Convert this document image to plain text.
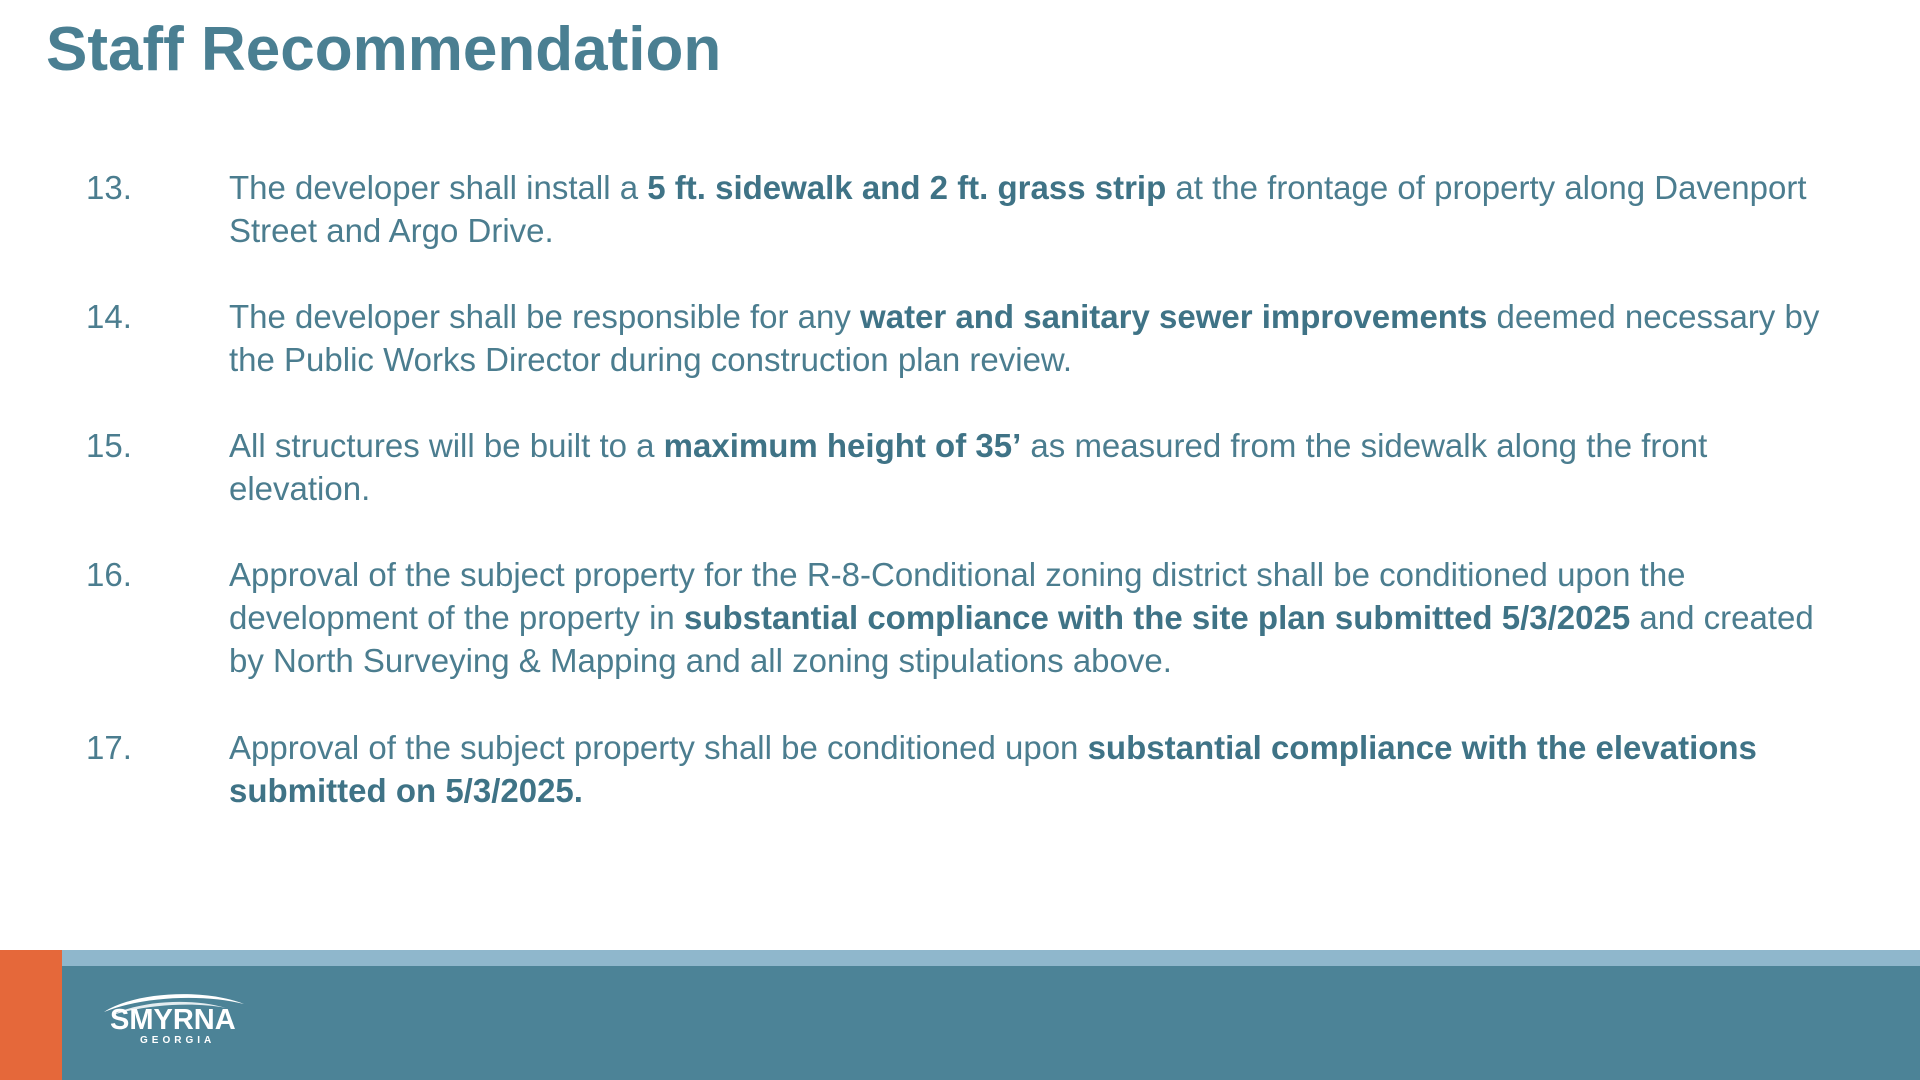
Staff Recommendation
13.	The developer shall install a 5 ft. sidewalk and 2 ft. grass strip at the frontage of property along Davenport Street and Argo Drive.
14.	The developer shall be responsible for any water and sanitary sewer improvements deemed necessary by the Public Works Director during construction plan review.
15.	All structures will be built to a maximum height of 35’ as measured from the sidewalk along the front elevation.
16.	Approval of the subject property for the R-8-Conditional zoning district shall be conditioned upon the development of the property in substantial compliance with the site plan submitted 5/3/2025 and created by North Surveying & Mapping and all zoning stipulations above.
17.	Approval of the subject property shall be conditioned upon substantial compliance with the elevations submitted on 5/3/2025.
SMYRNA
GEORGIA
